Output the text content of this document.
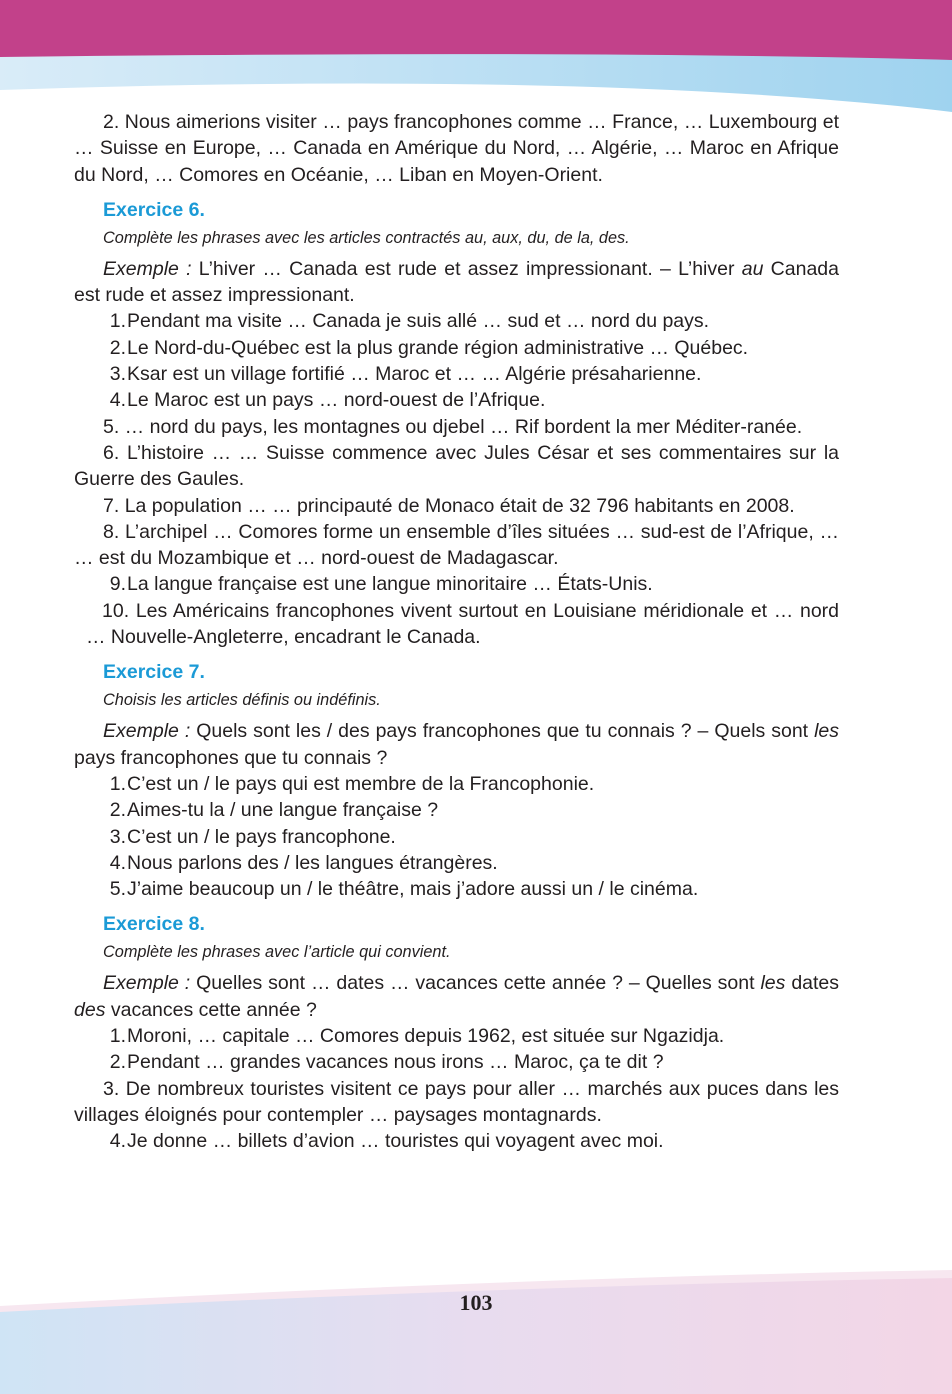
2. Nous aimerions visiter … pays francophones comme … France, … Luxembourg et … Suisse en Europe, … Canada en Amérique du Nord, … Algérie, … Maroc en Afrique du Nord, … Comores en Océanie, … Liban en Moyen-Orient.

Exercice 6.
Complète les phrases avec les articles contractés au, aux, du, de la, des.

Exemple : L’hiver … Canada est rude et assez impressionant. – L’hiver au Canada est rude et assez impressionant.

1. Pendant ma visite … Canada je suis allé … sud et … nord du pays.
2. Le Nord-du-Québec est la plus grande région administrative … Québec.
3. Ksar est un village fortifié … Maroc et … … Algérie présaharienne.
4. Le Maroc est un pays … nord-ouest de l’Afrique.
5. … nord du pays, les montagnes ou djebel … Rif bordent la mer Méditer-ranée.
6. L’histoire … … Suisse commence avec Jules César et ses commentaires sur la Guerre des Gaules.
7. La population … … principauté de Monaco était de 32 796 habitants en 2008.
8. L’archipel … Comores forme un ensemble d’îles situées … sud-est de l’Afrique, … … est du Mozambique et … nord-ouest de Madagascar.
9. La langue française est une langue minoritaire … États-Unis.
10. Les Américains francophones vivent surtout en Louisiane méridionale et … nord … Nouvelle-Angleterre, encadrant le Canada.
Exercice 7.
Choisis les articles définis ou indéfinis.

Exemple : Quels sont les / des pays francophones que tu connais ? – Quels sont les pays francophones que tu connais ?

1. C’est un / le pays qui est membre de la Francophonie.
2. Aimes-tu la / une langue française ?
3. C’est un / le pays francophone.
4. Nous parlons des / les langues étrangères.
5. J’aime beaucoup un / le théâtre, mais j’adore aussi un / le cinéma.
Exercice 8.
Complète les phrases avec l’article qui convient.

Exemple : Quelles sont … dates … vacances cette année ? – Quelles sont les dates des vacances cette année ?

1. Moroni, … capitale … Comores depuis 1962, est située sur Ngazidja.
2. Pendant … grandes vacances nous irons … Maroc, ça te dit ?
3. De nombreux touristes visitent ce pays pour aller … marchés aux puces dans les villages éloignés pour contempler … paysages montagnards.
4. Je donne … billets d’avion … touristes qui voyagent avec moi.
103
